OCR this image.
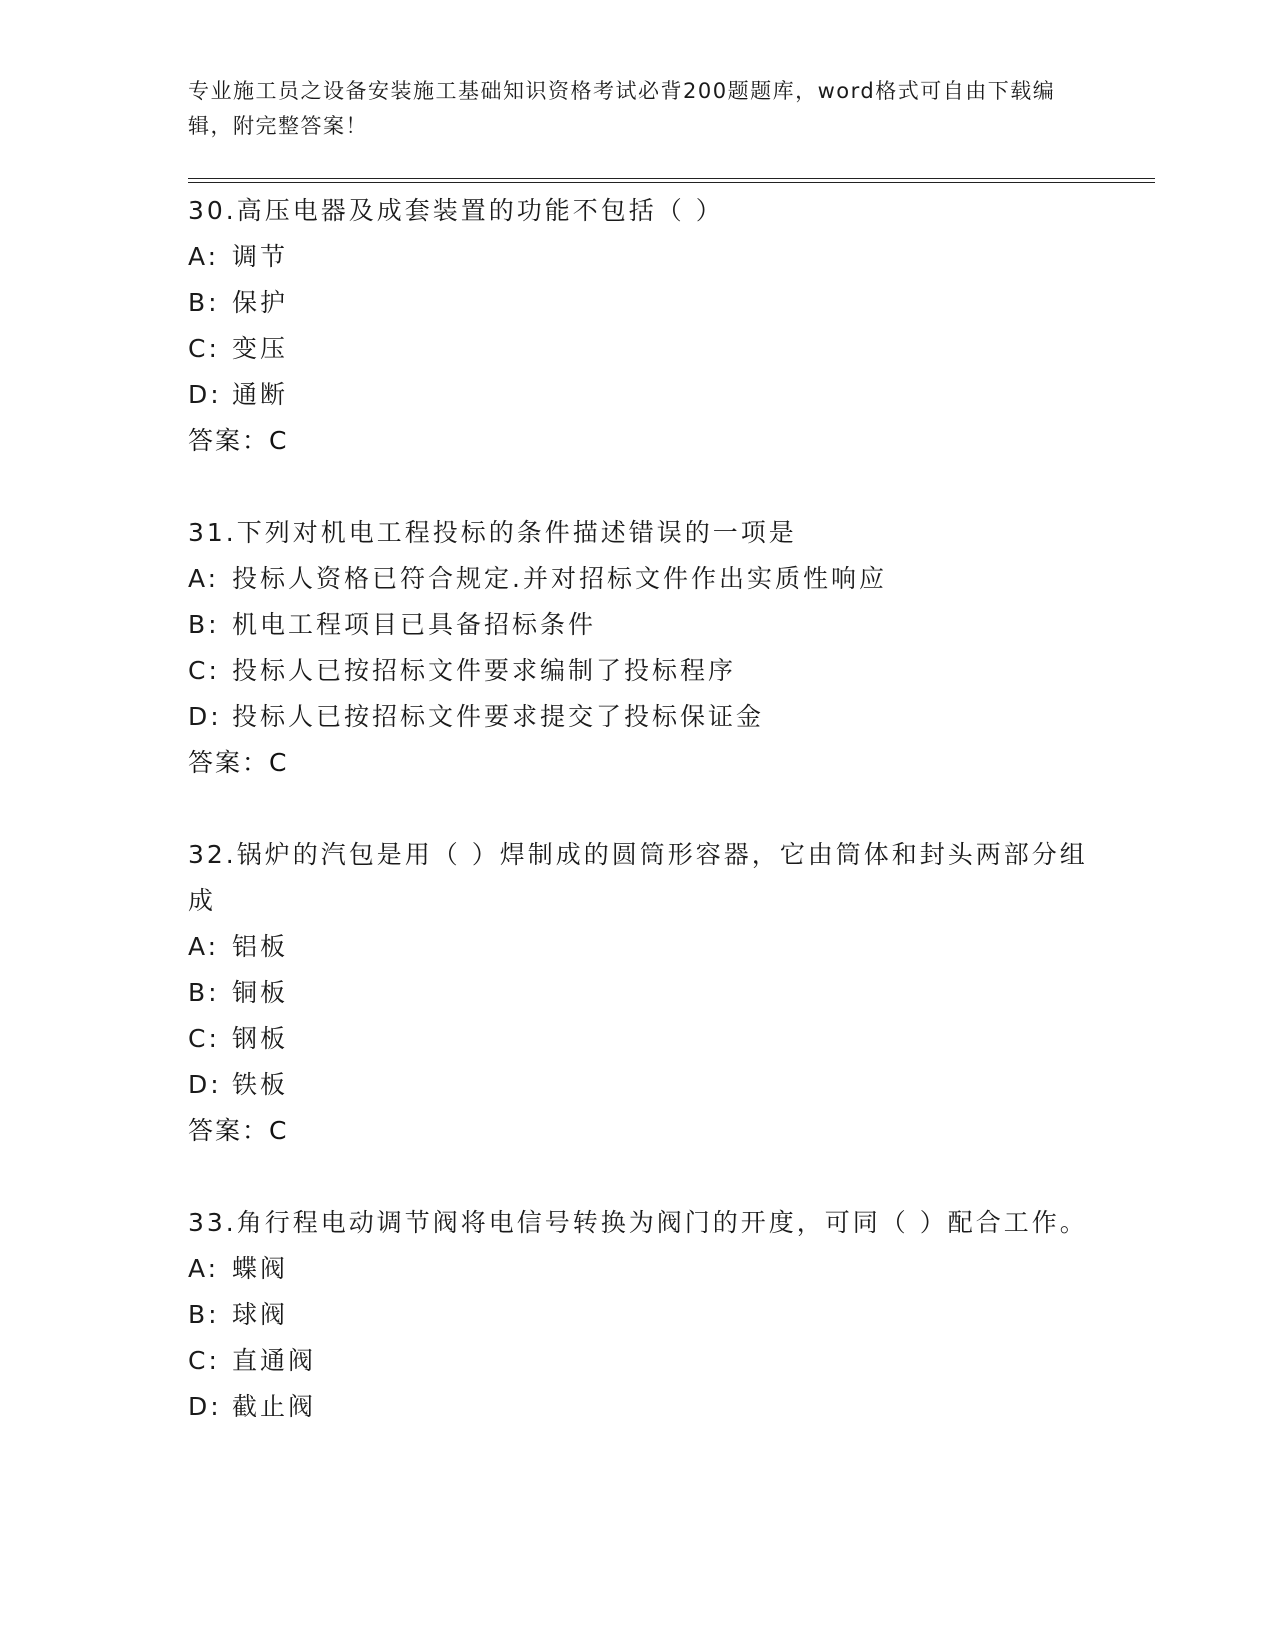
专业施工员之设备安装施工基础知识资格考试必背200题题库，word格式可自由下载编辑，附完整答案！

30.高压电器及成套装置的功能不包括（ ）

A: 调节

B: 保护

C: 变压

D: 通断

答案：C

31.下列对机电工程投标的条件描述错误的一项是

A: 投标人资格已符合规定.并对招标文件作出实质性响应

B: 机电工程项目已具备招标条件

C: 投标人已按招标文件要求编制了投标程序

D: 投标人已按招标文件要求提交了投标保证金

答案：C

32.锅炉的汽包是用（ ）焊制成的圆筒形容器，它由筒体和封头两部分组成

A: 铝板

B: 铜板

C: 钢板

D: 铁板

答案：C

33.角行程电动调节阀将电信号转换为阀门的开度，可同（ ）配合工作。

A: 蝶阀

B: 球阀

C: 直通阀

D: 截止阀
